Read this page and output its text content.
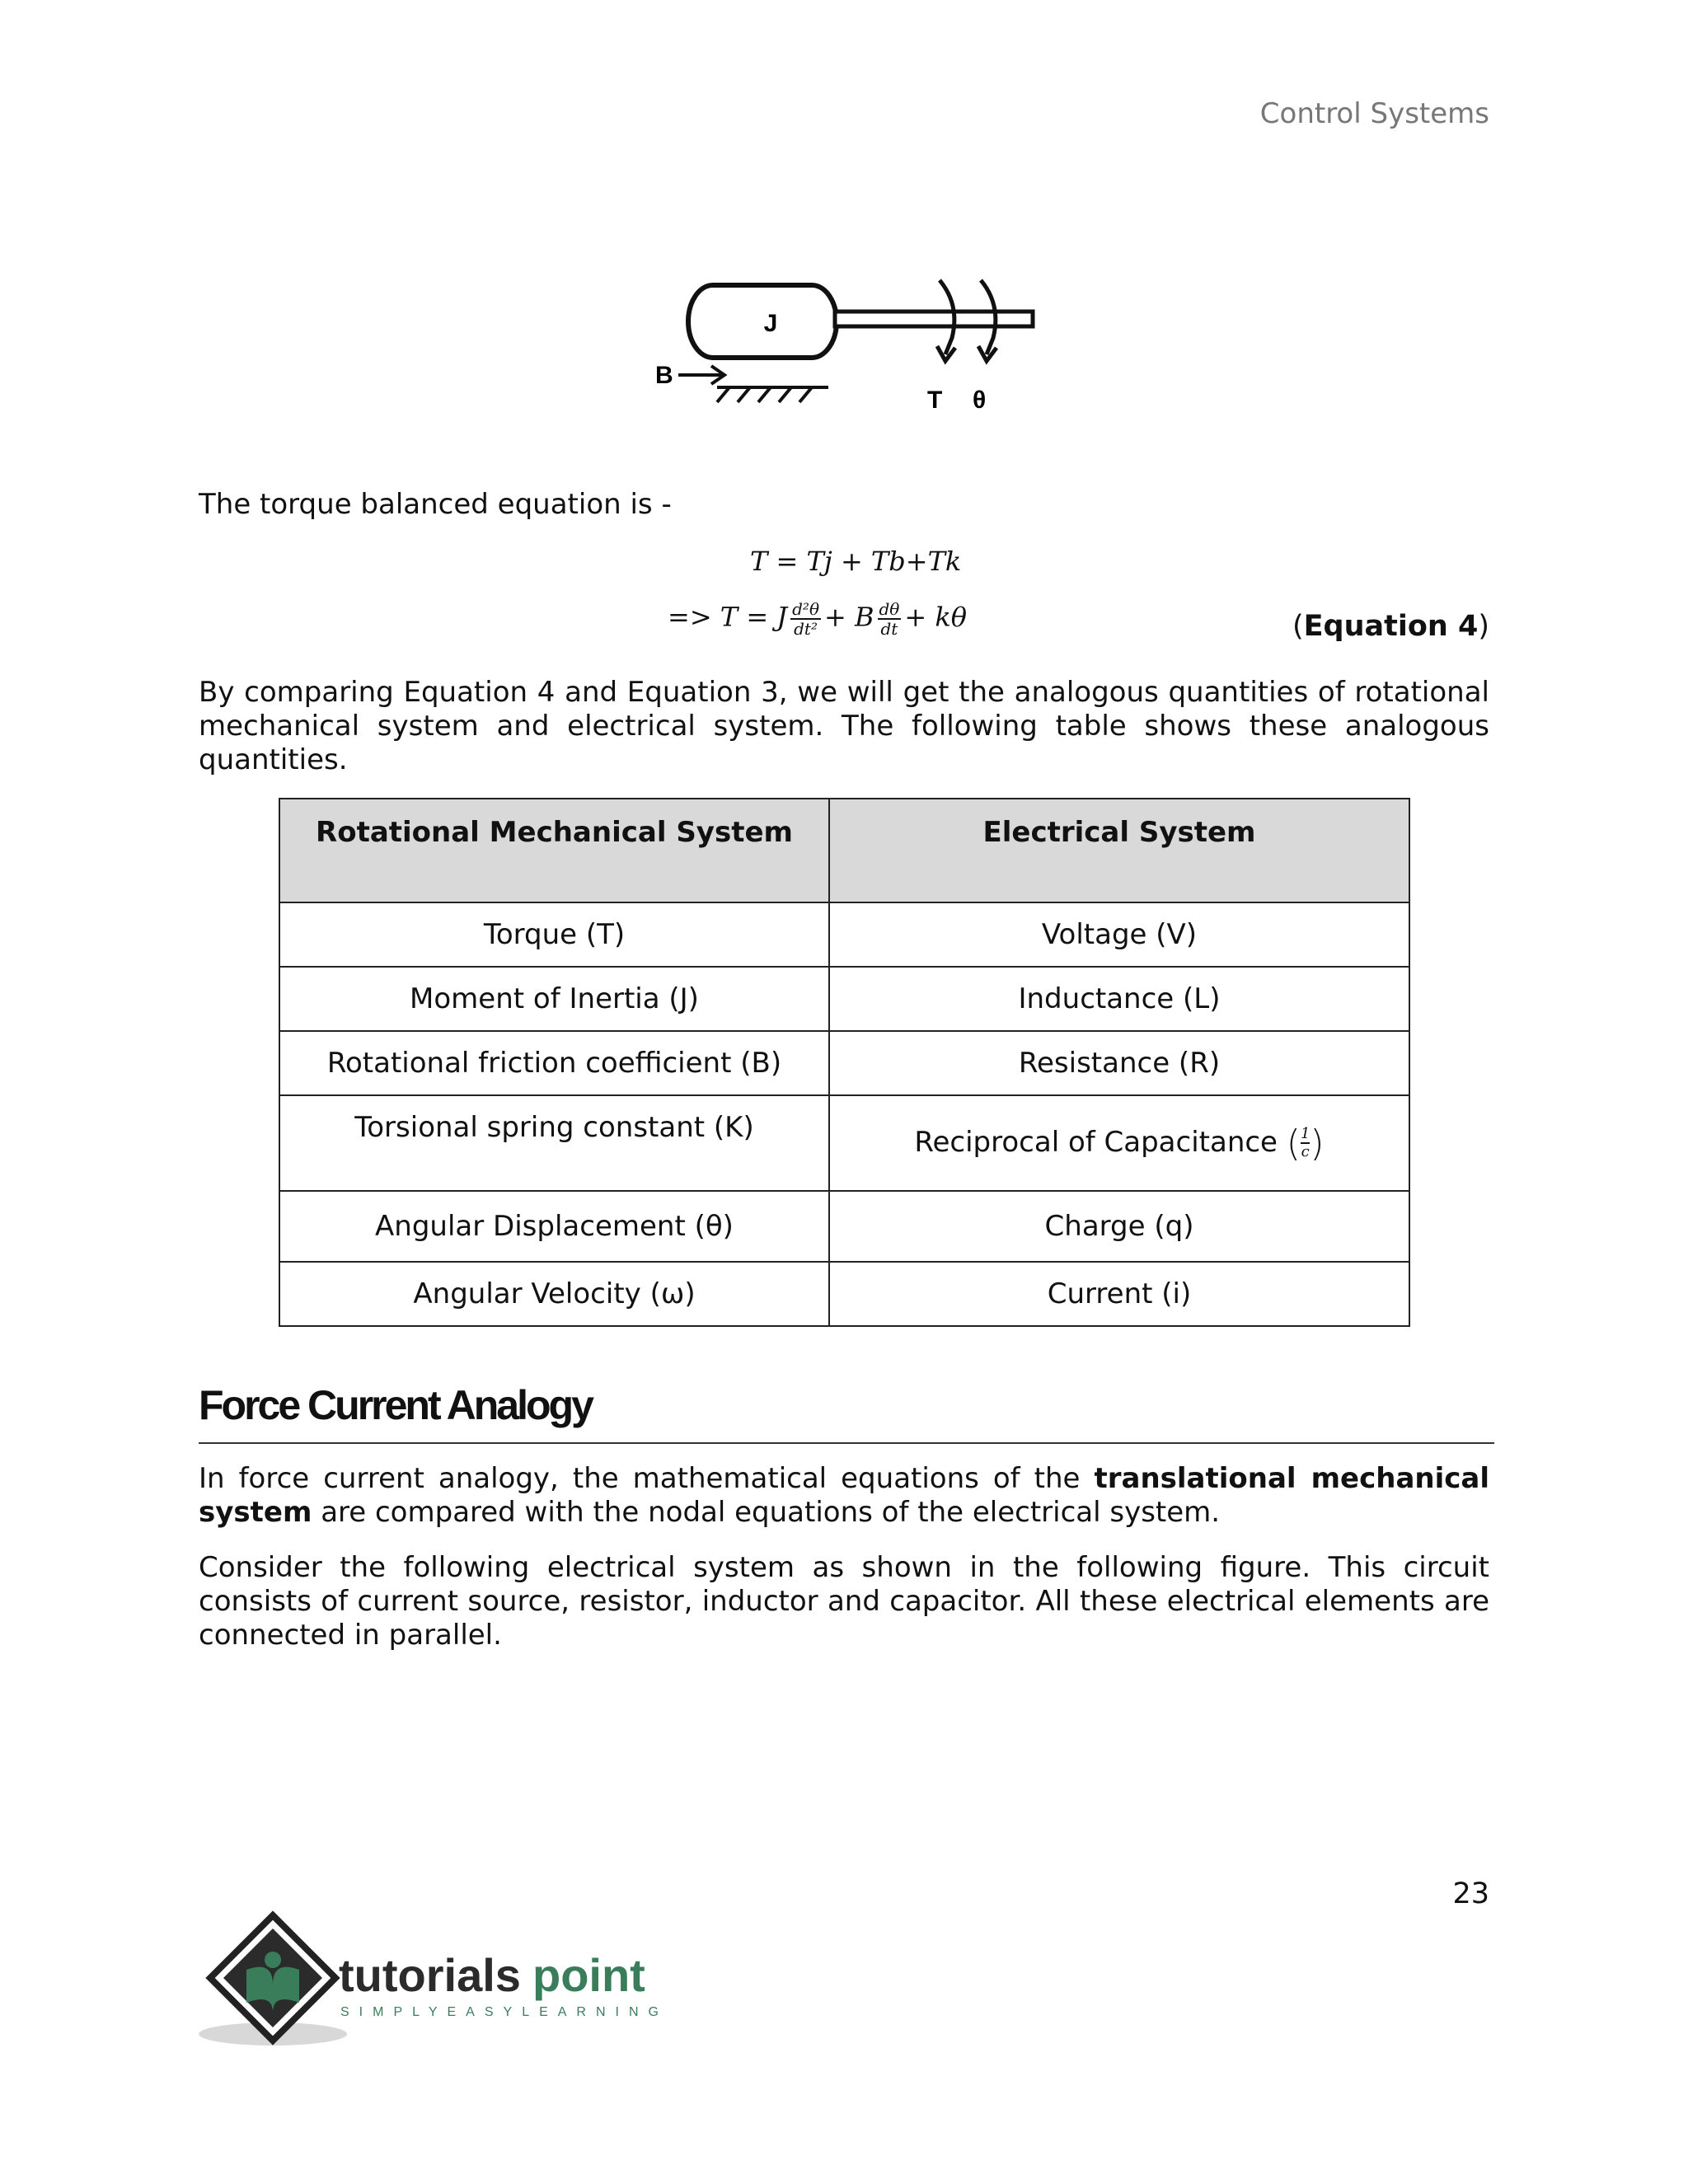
Control Systems
J
B
T θ
The torque balanced equation is -
T = Tj + Tb+Tk
=> T = J $\frac{\text{d²θ}}{\text{dt²}} + B \frac{d\theta}{dt} + k\theta$	(Equation 4)
By comparing Equation 4 and Equation 3, we will get the analogous quantities of rotational mechanical system and electrical system. The following table shows these analogous quantities.
Rotational Mechanical System	Electrical System
Torque (T)	Voltage (V)
Moment of Inertia (J)	Inductance (L)
Rotational friction coefficient (B)	Resistance (R)
Torsional spring constant (K)	Reciprocal of Capacitance ( $\frac{1}{c}$ )
Angular Displacement (θ)	Charge (q)
Angular Velocity (ω)	Current (i)
Force Current Analogy
In force current analogy, the mathematical equations of the translational mechanical system are compared with the nodal equations of the electrical system.
Consider the following electrical system as shown in the following figure. This circuit consists of current source, resistor, inductor and capacitor. All these electrical elements are connected in parallel.
23
tutorials point
SIMPLYEASYLEARNING
